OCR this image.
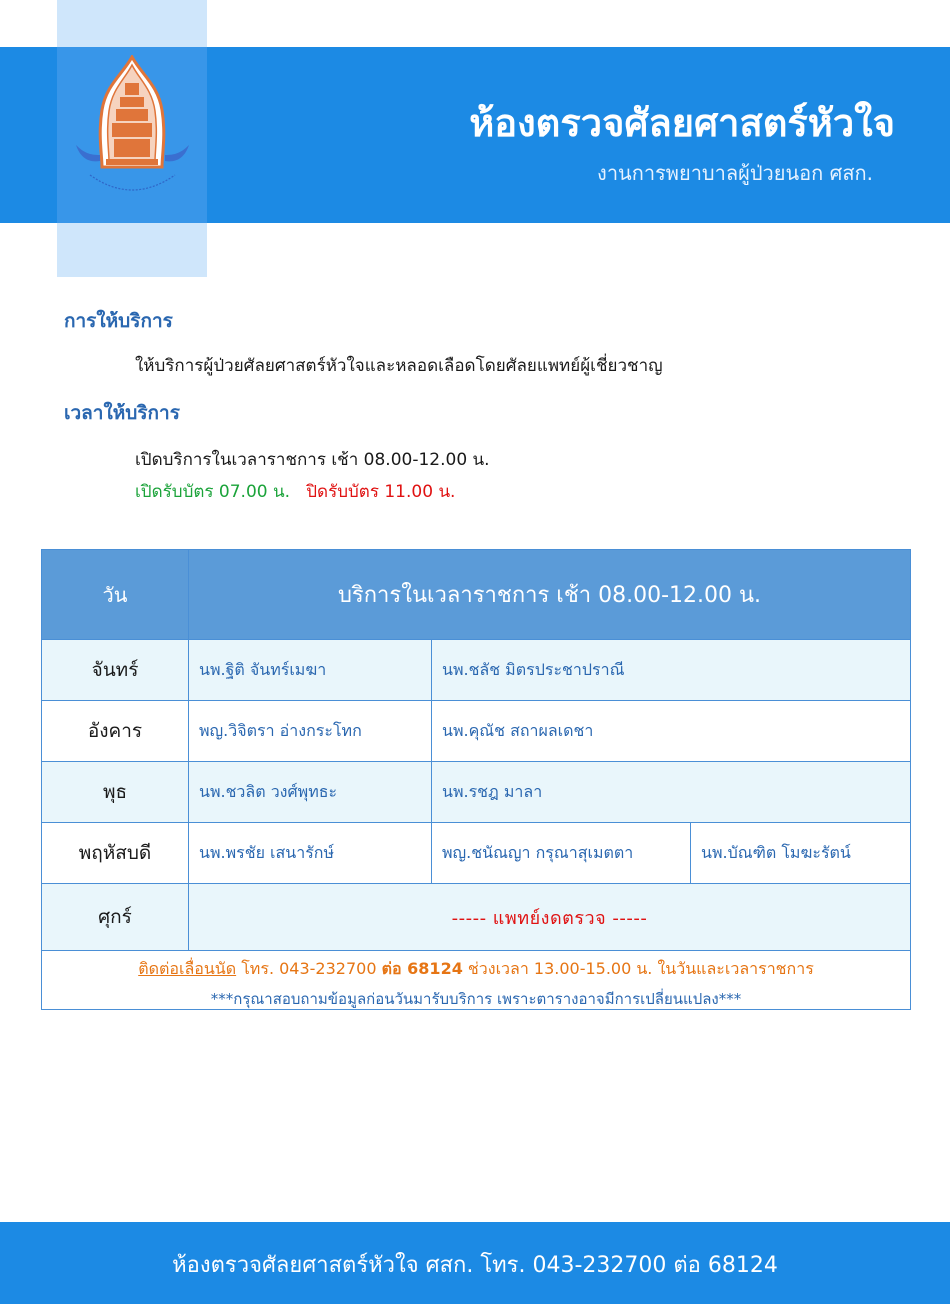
ห้องตรวจศัลยศาสตร์หัวใจ
งานการพยาบาลผู้ป่วยนอก ศสก.
การให้บริการ
ให้บริการผู้ป่วยศัลยศาสตร์หัวใจและหลอดเลือดโดยศัลยแพทย์ผู้เชี่ยวชาญ
เวลาให้บริการ
เปิดบริการในเวลาราชการ เช้า 08.00-12.00 น.
เปิดรับบัตร 07.00 น. ปิดรับบัตร 11.00 น.
วัน	บริการในเวลาราชการ เช้า 08.00-12.00 น.
จันทร์	นพ.ฐิติ จันทร์เมฆา	นพ.ชลัช มิตรประชาปราณี
อังคาร	พญ.วิจิตรา อ่างกระโทก	นพ.คุณัช สถาผลเดชา
พุธ	นพ.ชวลิต วงศ์พุทธะ	นพ.รชฎ มาลา
พฤหัสบดี	นพ.พรชัย เสนารักษ์	พญ.ชนัณญา กรุณาสุเมตตา	นพ.บัณฑิต โมฆะรัตน์
ศุกร์	----- แพทย์งดตรวจ -----
ติดต่อเลื่อนนัด โทร. 043-232700 ต่อ 68124 ช่วงเวลา 13.00-15.00 น. ในวันและเวลาราชการ
***กรุณาสอบถามข้อมูลก่อนวันมารับบริการ เพราะตารางอาจมีการเปลี่ยนแปลง***
ห้องตรวจศัลยศาสตร์หัวใจ ศสก. โทร. 043-232700 ต่อ 68124
